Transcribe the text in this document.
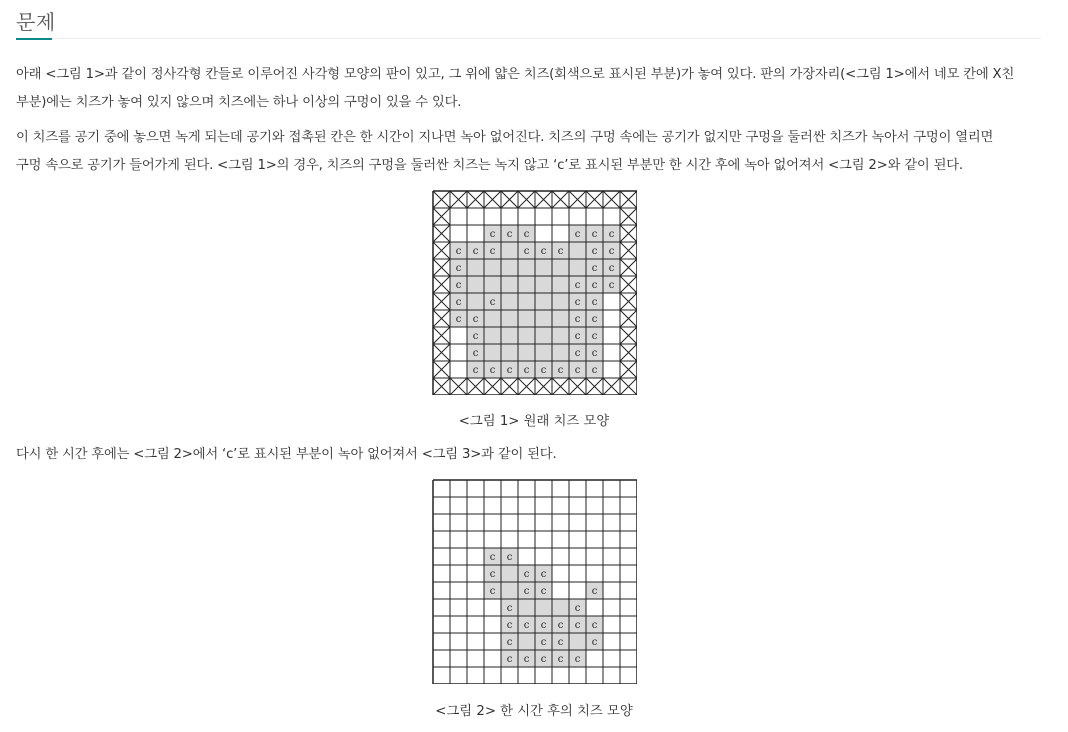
문제
아래 <그림 1>과 같이 정사각형 칸들로 이루어진 사각형 모양의 판이 있고, 그 위에 얇은 치즈(회색으로 표시된 부분)가 놓여 있다. 판의 가장자리(<그림 1>에서 네모 칸에 X친
부분)에는 치즈가 놓여 있지 않으며 치즈에는 하나 이상의 구멍이 있을 수 있다.
이 치즈를 공기 중에 놓으면 녹게 되는데 공기와 접촉된 칸은 한 시간이 지나면 녹아 없어진다. 치즈의 구멍 속에는 공기가 없지만 구멍을 둘러싼 치즈가 녹아서 구멍이 열리면
구멍 속으로 공기가 들어가게 된다. <그림 1>의 경우, 치즈의 구멍을 둘러싼 치즈는 녹지 않고 ‘c’로 표시된 부분만 한 시간 후에 녹아 없어져서 <그림 2>와 같이 된다.
c c c	c c c
c c c	c c c	c c
c	c c
c	c c c
c	c	c c
c c	c c
c	c c
c	c c
c c c c c c c c
<그림 1> 원래 치즈 모양
다시 한 시간 후에는 <그림 2>에서 ‘c’로 표시된 부분이 녹아 없어져서 <그림 3>과 같이 된다.
c c
c	c c
c	c c	c
c	c
c c c c c c
c	c c	c
c c c c c
<그림 2> 한 시간 후의 치즈 모양
